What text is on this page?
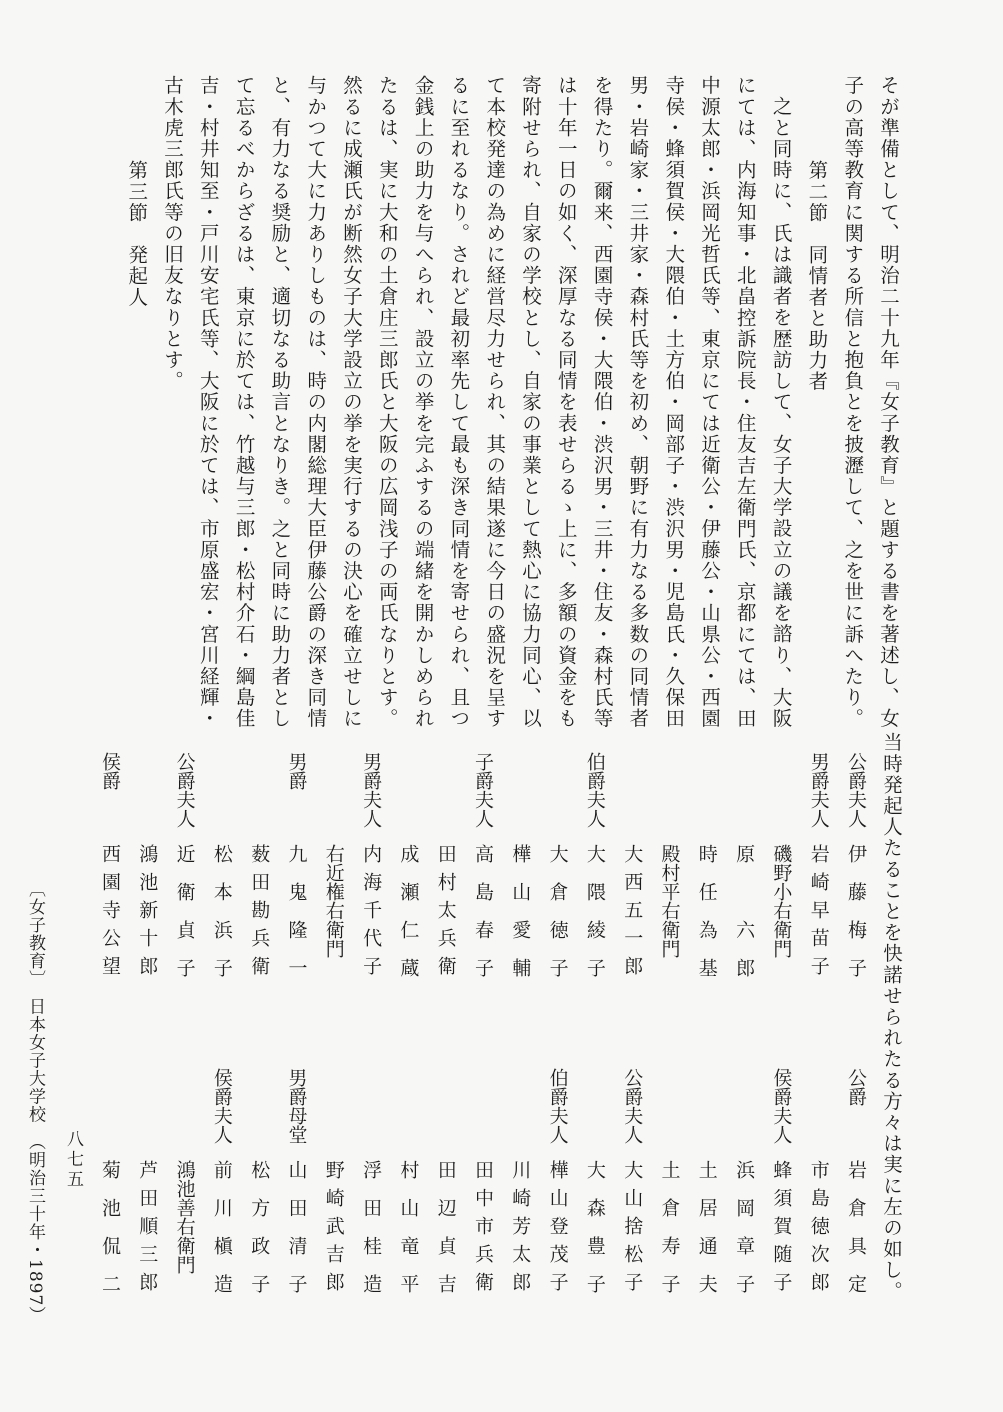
そが準備として、明治二十九年『女子教育』と題する書を著述し、女
子の高等教育に関する所信と抱負とを披瀝して、之を世に訴へたり。
第二節　同情者と助力者
之と同時に、氏は識者を歴訪して、女子大学設立の議を諮り、大阪
にては、内海知事・北畠控訴院長・住友吉左衛門氏、京都にては、田
中源太郎・浜岡光哲氏等、東京にては近衛公・伊藤公・山県公・西園
寺侯・蜂須賀侯・大隈伯・土方伯・岡部子・渋沢男・児島氏・久保田
男・岩崎家・三井家・森村氏等を初め、朝野に有力なる多数の同情者
を得たり。爾来、西園寺侯・大隈伯・渋沢男・三井・住友・森村氏等
は十年一日の如く、深厚なる同情を表せらるゝ上に、多額の資金をも
寄附せられ、自家の学校とし、自家の事業として熱心に協力同心、以
て本校発達の為めに経営尽力せられ、其の結果遂に今日の盛況を呈す
るに至れるなり。されど最初率先して最も深き同情を寄せられ、且つ
金銭上の助力を与へられ、設立の挙を完ふするの端緒を開かしめられ
たるは、実に大和の土倉庄三郎氏と大阪の広岡浅子の両氏なりとす。
然るに成瀬氏が断然女子大学設立の挙を実行するの決心を確立せしに
与かつて大に力ありしものは、時の内閣総理大臣伊藤公爵の深き同情
と、有力なる奨励と、適切なる助言となりき。之と同時に助力者とし
て忘るべからざるは、東京に於ては、竹越与三郎・松村介石・綱島佳
吉・村井知至・戸川安宅氏等、大阪に於ては、市原盛宏・宮川経輝・
古木虎三郎氏等の旧友なりとす。
第三節　発起人
〔女子教育〕　日本女子大学校　（明治三十年・1897）	当時発起人たることを快諾せられたる方々は実に左の如し。
公爵夫人伊藤梅子
男爵夫人岩崎早苗子
磯野小右衛門
原　六郎
時任為基
殿村平右衛門
大西五一郎
伯爵夫人大隈綾子
大倉徳子
樺山愛輔
子爵夫人高島春子
田村太兵衛
成瀬仁蔵
男爵夫人内海千代子
右近権右衛門
男爵九鬼隆一
薮田勘兵衛
松本浜子
公爵夫人近衛貞子
鴻池新十郎
侯爵西園寺公望
公爵岩倉具定
市島徳次郎
侯爵夫人蜂須賀随子
浜岡章子
土居通夫
土倉寿子
公爵夫人大山捨松子
大森豊子
伯爵夫人樺山登茂子
川崎芳太郎
田中市兵衛
田辺貞吉
村山竜平
浮田桂造
野崎武吉郎
男爵母堂山田清子
松方政子
侯爵夫人前川槇造
鴻池善右衛門
芦田順三郎
菊池侃二
八七五
